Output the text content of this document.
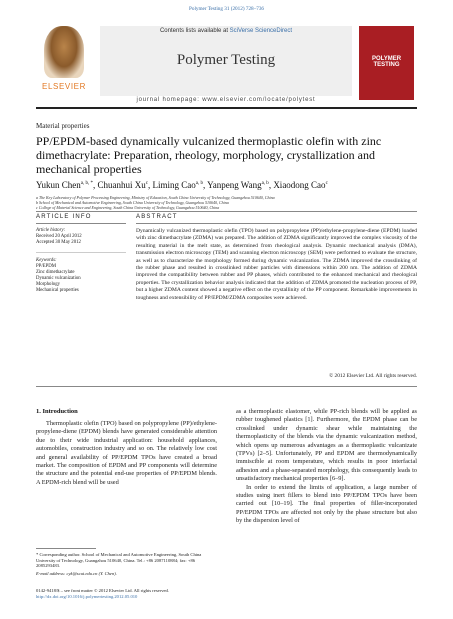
Polymer Testing 31 (2012) 728–736
ELSEVIER
Contents lists available at SciVerse ScienceDirect
Polymer Testing	POLYMER TESTING
journal homepage: www.elsevier.com/locate/polytest
Material properties
PP/EPDM-based dynamically vulcanized thermoplastic olefin with zinc dimethacrylate: Preparation, rheology, morphology, crystallization and mechanical properties
Yukun Chen$^{a, b, *}$, Chuanhui Xu$^c$, Liming Cao$^{a, b}$, Yanpeng Wang$^{a, b}$, Xiaodong Cao$^c$
a The Key Laboratory of Polymer Processing Engineering, Ministry of Education, South China University of Technology, Guangzhou 510640, China
b School of Mechanical and Automotive Engineering, South China University of Technology, Guangzhou 510640, China
c College of Material Science and Engineering, South China University of Technology, Guangzhou 510640, China
ARTICLE INFO	ABSTRACT
Article history:
Received 20 April 2012
Accepted 30 May 2012
Keywords:
PP/EPDM
Zinc dimethacrylate
Dynamic vulcanization
Morphology
Mechanical properties
Dynamically vulcanized thermoplastic olefin (TPO) based on polypropylene (PP)/ethylene-propylene-diene (EPDM) loaded with zinc dimethacrylate (ZDMA) was prepared. The addition of ZDMA significantly improved the complex viscosity of the resulting material in the melt state, as determined from rheological analysis. Dynamic mechanical analysis (DMA), transmission electron microscopy (TEM) and scanning electron microscopy (SEM) were performed to evaluate the structure, as well as to characterize the morphology formed during dynamic vulcanization. The ZDMA improved the crosslinking of the rubber phase and resulted in crosslinked rubber particles with dimensions within 200 nm. The addition of ZDMA improved the compatibility between rubber and PP phases, which contributed to the enhanced mechanical and rheological properties. The crystallization behavior analysis indicated that the addition of ZDMA promoted the nucleation process of PP, but a higher ZDMA content showed a negative effect on the crystallinity of the PP component. Remarkable improvements in toughness and extensibility of PP/EPDM/ZDMA composites were achieved.
© 2012 Elsevier Ltd. All rights reserved.
1. Introduction

Thermoplastic olefin (TPO) based on polypropylene (PP)/ethylene-propylene-diene (EPDM) blends have generated considerable attention due to their wide industrial application: household appliances, automobiles, construction industry and so on. The relatively low cost and general availability of PP/EPDM TPOs have created a broad market. The composition of EPDM and PP components will determine the structure and the potential end-use properties of PP/EPDM blends. A EPDM-rich blend will be used

as a thermoplastic elastomer, while PP-rich blends will be applied as rubber toughened plastics [1]. Furthermore, the EPDM phase can be crosslinked under dynamic shear while maintaining the thermoplasticity of the blends via the dynamic vulcanization method, which opens up numerous advantages as a thermoplastic vulcanizate (TPVs) [2–5]. Unfortunately, PP and EPDM are thermodynamically immiscible at room temperature, which results in poor interfacial adhesion and a phase-separated morphology, this consequently leads to unsatisfactory mechanical properties [6–9].

In order to extend the limits of application, a large number of studies using inert fillers to blend into PP/EPDM TPOs have been carried out [10–19]. The final properties of filler-incorporated PP/EPDM TPOs are affected not only by the phase structure but also by the dispersion level of

* Corresponding author. School of Mechanical and Automotive Engineering, South China University of Technology, Guangzhou 510640, China. Tel.: +86 2087110884; fax: +86 2085293483.
E-mail address: cyk@scut.edu.cn (Y. Chen).
0142-9418/$ – see front matter © 2012 Elsevier Ltd. All rights reserved.
http://dx.doi.org/10.1016/j.polymertesting.2012.05.010
